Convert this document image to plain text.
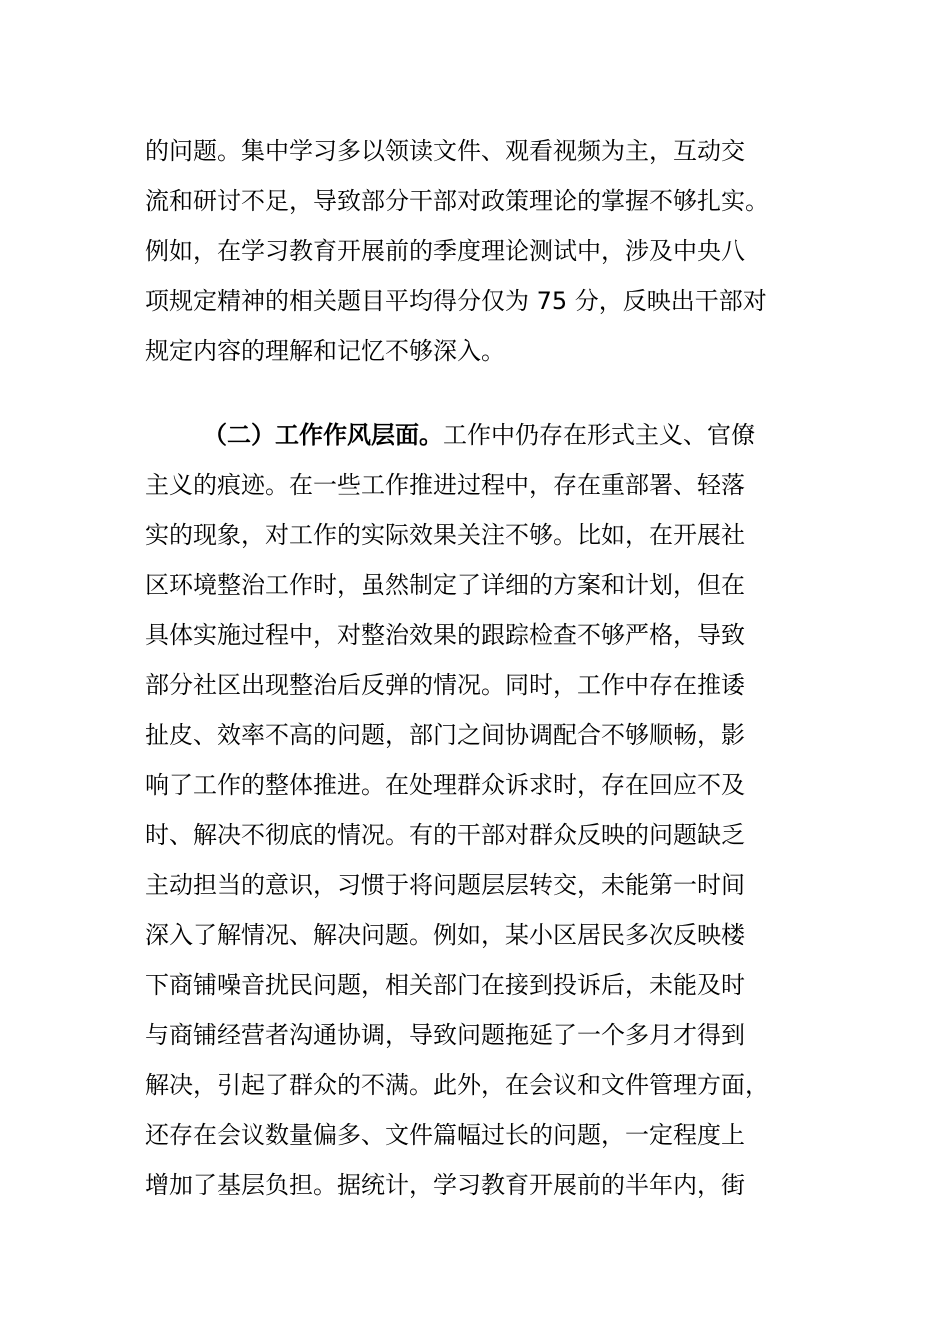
的问题。集中学习多以领读文件、观看视频为主，互动交
流和研讨不足，导致部分干部对政策理论的掌握不够扎实。
例如，在学习教育开展前的季度理论测试中，涉及中央八
项规定精神的相关题目平均得分仅为 75 分，反映出干部对
规定内容的理解和记忆不够深入。
（二）工作作风层面。工作中仍存在形式主义、官僚
主义的痕迹。在一些工作推进过程中，存在重部署、轻落
实的现象，对工作的实际效果关注不够。比如，在开展社
区环境整治工作时，虽然制定了详细的方案和计划，但在
具体实施过程中，对整治效果的跟踪检查不够严格，导致
部分社区出现整治后反弹的情况。同时，工作中存在推诿
扯皮、效率不高的问题，部门之间协调配合不够顺畅，影
响了工作的整体推进。在处理群众诉求时，存在回应不及
时、解决不彻底的情况。有的干部对群众反映的问题缺乏
主动担当的意识，习惯于将问题层层转交，未能第一时间
深入了解情况、解决问题。例如，某小区居民多次反映楼
下商铺噪音扰民问题，相关部门在接到投诉后，未能及时
与商铺经营者沟通协调，导致问题拖延了一个多月才得到
解决，引起了群众的不满。此外，在会议和文件管理方面，
还存在会议数量偏多、文件篇幅过长的问题，一定程度上
增加了基层负担。据统计，学习教育开展前的半年内，街
